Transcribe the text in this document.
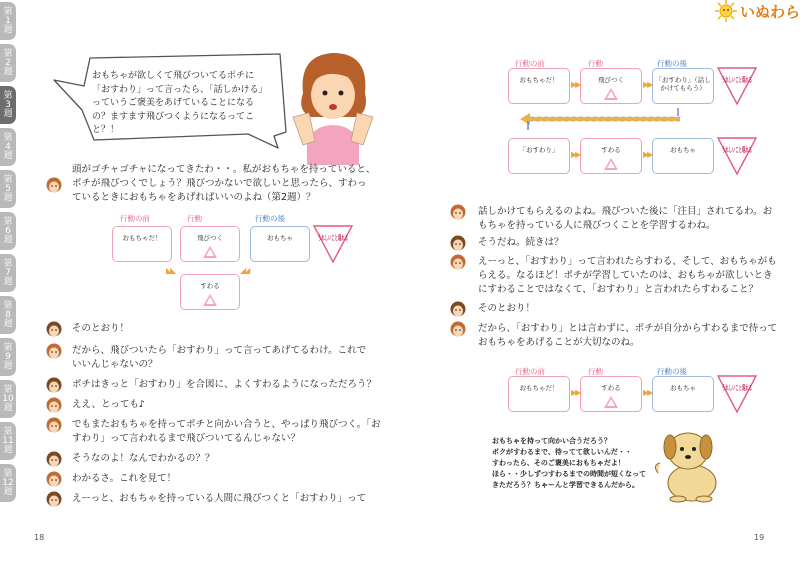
第
1
週
第
2
週
第
3
週
第
4
週
第
5
週
第
6
週
第
7
週
第
8
週
第
9
週
第
10
週
第
11
週
第
12
週
いぬわら
おもちゃが欲しくて飛びついてるポチに「おすわり」って言ったら、「話しかける」っていうご褒美をあげていることになるの？ますます飛びつくようになるってこと？！
頭がゴチャゴチャになってきたわ・・。私がおもちゃを持っていると、
ポチが飛びつくでしょう？飛びつかないで欲しいと思ったら、すわっ
ているときにおもちゃをあげればいいのよね（第2週）？
行動の前	行動	行動の後
おもちゃだ！	飛びつく	おもちゃ
すわる
◣◣	◢◢
うれしいこと現れる
そのとおり！
だから、飛びついたら「おすわり」って言ってあげてるわけ。これで
いいんじゃないの？
ポチはきっと「おすわり」を合図に、よくすわるようになっただろう？
ええ、とっても♪
でもまたおもちゃを持ってポチと向かい合うと、やっぱり飛びつく。「お
すわり」って言われるまで飛びついてるんじゃない？
そうなのよ！なんでわかるの？？
わかるさ。これを見て！
えーっと、おもちゃを持っている人間に飛びつくと「おすわり」って
18
行動の前	行動	行動の後
おもちゃだ！	飛びつく	「おすわり」（話しかけてもらう）
▶▶	▶▶	うれしいこと現れる
「おすわり」	すわる	おもちゃ
▶▶	▶▶	うれしいこと現れる
話しかけてもらえるのよね。飛びついた後に「注目」されてるわ。お
もちゃを持っている人に飛びつくことを学習するわね。
そうだね。続きは？
えーっと、「おすわり」って言われたらすわる、そして、おもちゃがも
らえる。なるほど！ポチが学習していたのは、おもちゃが欲しいとき
にすわることではなくて、「おすわり」と言われたらすわること？
そのとおり！
だから、「おすわり」とは言わずに、ポチが自分からすわるまで待って
おもちゃをあげることが大切なのね。
行動の前	行動	行動の後
おもちゃだ！	すわる	おもちゃ
▶▶	▶▶	うれしいこと現れる
おもちゃを持って向かい合うだろう？
ボクがすわるまで、待ってて欲しいんだ・・
すわったら、そのご褒美におもちゃだよ！
ほら・・少しずつすわるまでの時間が短くなって
きただろう？ちゃーんと学習できるんだから。
19
